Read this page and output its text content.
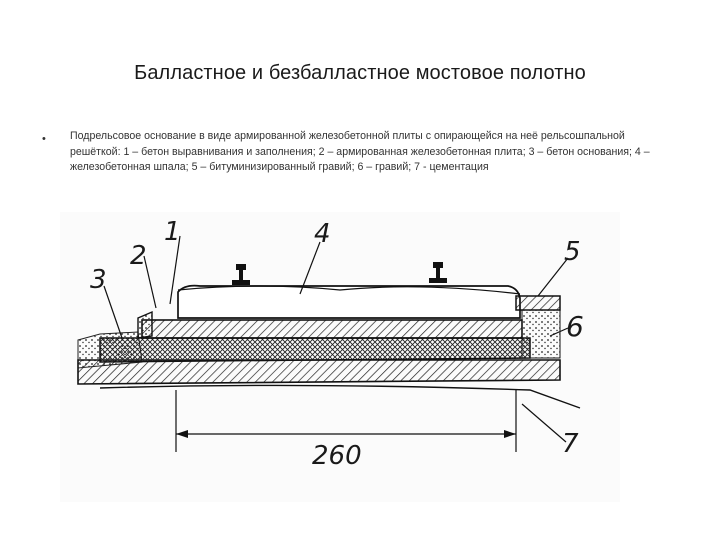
Балластное и безбалластное мостовое полотно
• Подрельсовое основание в виде армированной железобетонной плиты с опирающейся на неё рельсошпальной решёткой: 1 – бетон выравнивания и заполнения; 2 – армированная железобетонная плита; 3 – бетон основания; 4 – железобетонная шпала; 5 – битуминизированный гравий; 6 – гравий; 7 - цементация
1
2
3
4
5
6
7
260
